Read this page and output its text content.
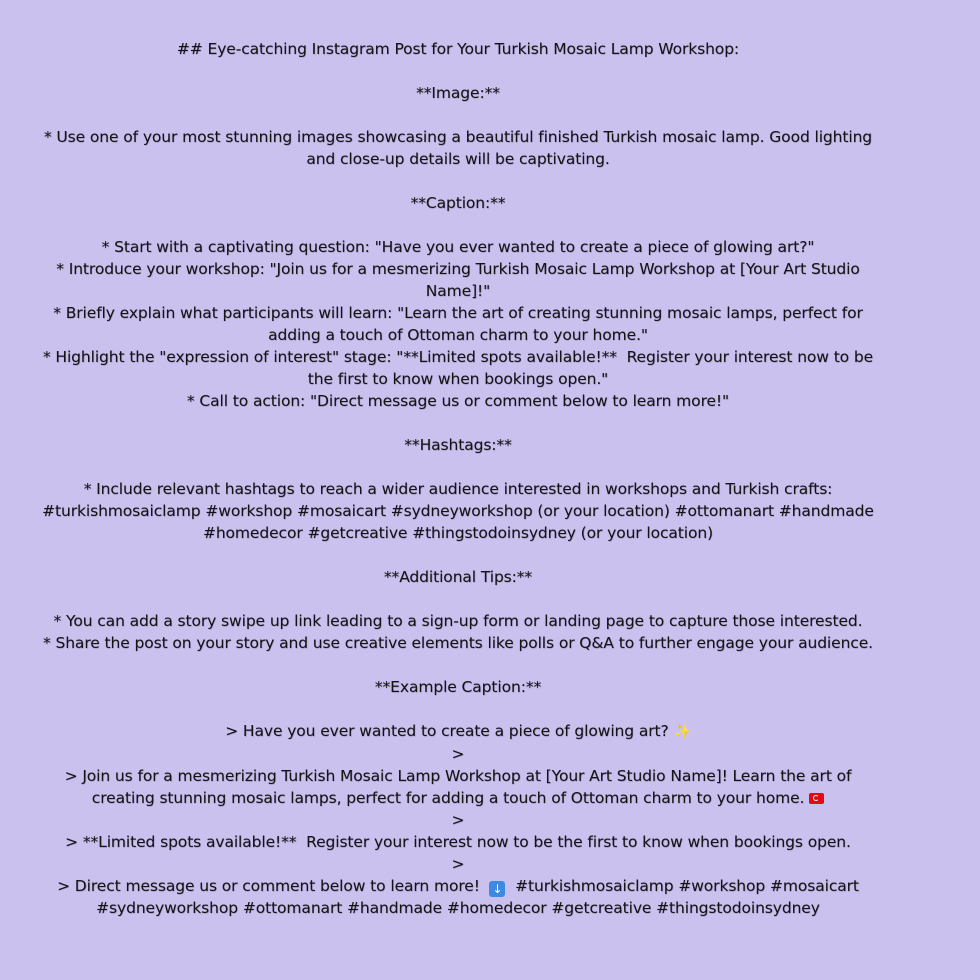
## Eye-catching Instagram Post for Your Turkish Mosaic Lamp Workshop:
**Image:**
* Use one of your most stunning images showcasing a beautiful finished Turkish mosaic lamp. Good lighting
and close-up details will be captivating.
**Caption:**
* Start with a captivating question: "Have you ever wanted to create a piece of glowing art?"
* Introduce your workshop: "Join us for a mesmerizing Turkish Mosaic Lamp Workshop at [Your Art Studio
Name]!"
* Briefly explain what participants will learn: "Learn the art of creating stunning mosaic lamps, perfect for
adding a touch of Ottoman charm to your home."
* Highlight the "expression of interest" stage: "**Limited spots available!**  Register your interest now to be
the first to know when bookings open."
* Call to action: "Direct message us or comment below to learn more!"
**Hashtags:**
* Include relevant hashtags to reach a wider audience interested in workshops and Turkish crafts:
#turkishmosaiclamp #workshop #mosaicart #sydneyworkshop (or your location) #ottomanart #handmade
#homedecor #getcreative #thingstodoinsydney (or your location)
**Additional Tips:**
* You can add a story swipe up link leading to a sign-up form or landing page to capture those interested.
* Share the post on your story and use creative elements like polls or Q&A to further engage your audience.
**Example Caption:**
> Have you ever wanted to create a piece of glowing art? ✨
>
> Join us for a mesmerizing Turkish Mosaic Lamp Workshop at [Your Art Studio Name]! Learn the art of
creating stunning mosaic lamps, perfect for adding a touch of Ottoman charm to your home.
>
> **Limited spots available!**  Register your interest now to be the first to know when bookings open.
>
> Direct message us or comment below to learn more!  ↓  #turkishmosaiclamp #workshop #mosaicart
#sydneyworkshop #ottomanart #handmade #homedecor #getcreative #thingstodoinsydney
